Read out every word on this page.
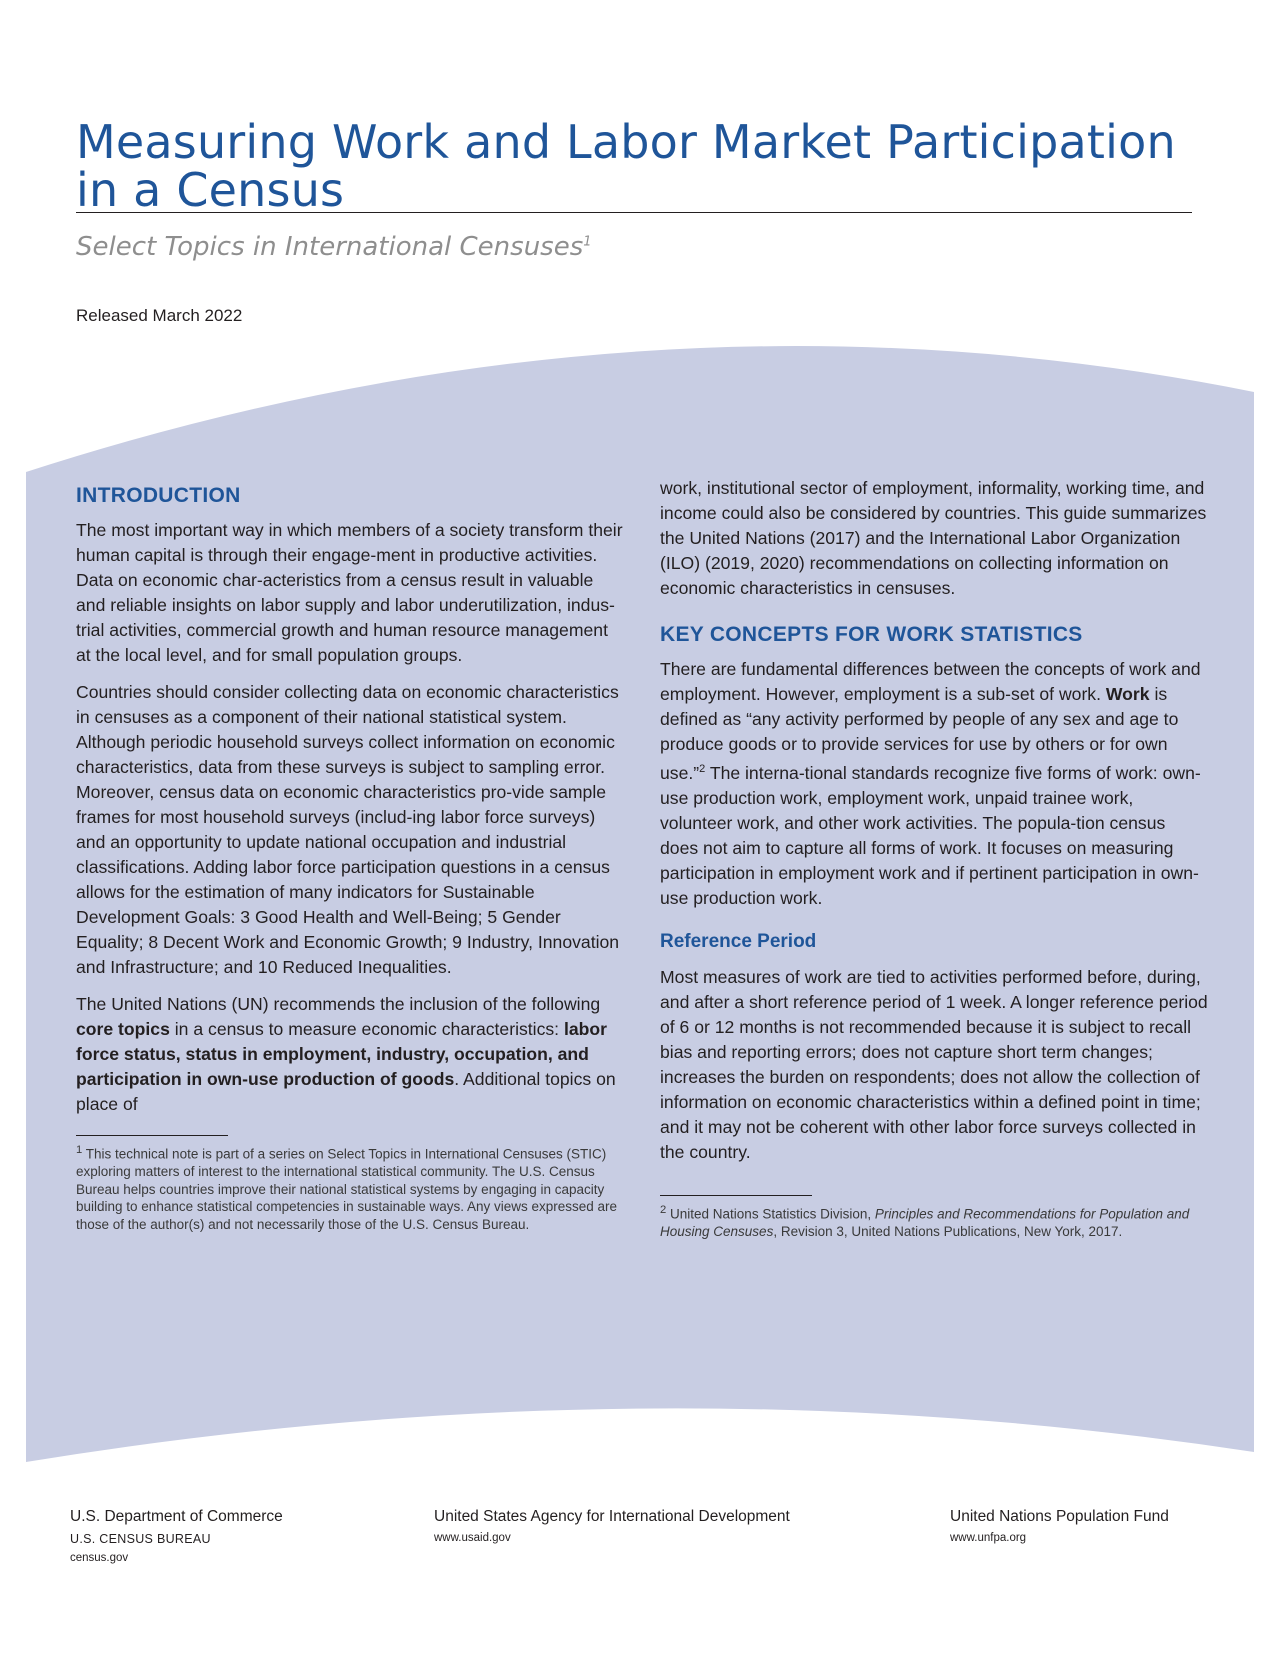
Measuring Work and Labor Market Participation in a Census
Select Topics in International Censuses$^1$
Released March 2022
INTRODUCTION

The most important way in which members of a society transform their human capital is through their engage-ment in productive activities. Data on economic char-acteristics from a census result in valuable and reliable insights on labor supply and labor underutilization, indus-trial activities, commercial growth and human resource management at the local level, and for small population groups.

Countries should consider collecting data on economic characteristics in censuses as a component of their national statistical system. Although periodic household surveys collect information on economic characteristics, data from these surveys is subject to sampling error. Moreover, census data on economic characteristics pro-vide sample frames for most household surveys (includ-ing labor force surveys) and an opportunity to update national occupation and industrial classifications. Adding labor force participation questions in a census allows for the estimation of many indicators for Sustainable Development Goals: 3 Good Health and Well-Being; 5 Gender Equality; 8 Decent Work and Economic Growth; 9 Industry, Innovation and Infrastructure; and 10 Reduced Inequalities.

The United Nations (UN) recommends the inclusion of the following core topics in a census to measure economic characteristics: labor force status, status in employment, industry, occupation, and participation in own-use production of goods. Additional topics on place of

$^1$ This technical note is part of a series on Select Topics in International Censuses (STIC) exploring matters of interest to the international statistical community. The U.S. Census Bureau helps countries improve their national statistical systems by engaging in capacity building to enhance statistical competencies in sustainable ways. Any views expressed are those of the author(s) and not necessarily those of the U.S. Census Bureau.

work, institutional sector of employment, informality, working time, and income could also be considered by countries. This guide summarizes the United Nations (2017) and the International Labor Organization (ILO) (2019, 2020) recommendations on collecting information on economic characteristics in censuses.

KEY CONCEPTS FOR WORK STATISTICS

There are fundamental differences between the concepts of work and employment. However, employment is a sub-set of work. Work is defined as “any activity performed by people of any sex and age to produce goods or to provide services for use by others or for own use.”$^2$ The interna-tional standards recognize five forms of work: own-use production work, employment work, unpaid trainee work, volunteer work, and other work activities. The popula-tion census does not aim to capture all forms of work. It focuses on measuring participation in employment work and if pertinent participation in own-use production work.

Reference Period

Most measures of work are tied to activities performed before, during, and after a short reference period of 1 week. A longer reference period of 6 or 12 months is not recommended because it is subject to recall bias and reporting errors; does not capture short term changes; increases the burden on respondents; does not allow the collection of information on economic characteristics within a defined point in time; and it may not be coherent with other labor force surveys collected in the country.

$^2$ United Nations Statistics Division, Principles and Recommendations for Population and Housing Censuses, Revision 3, United Nations Publications, New York, 2017.

U.S. Department of Commerce

U.S. CENSUS BUREAU

census.gov

United States Agency for International Development

www.usaid.gov

United Nations Population Fund

www.unfpa.org
